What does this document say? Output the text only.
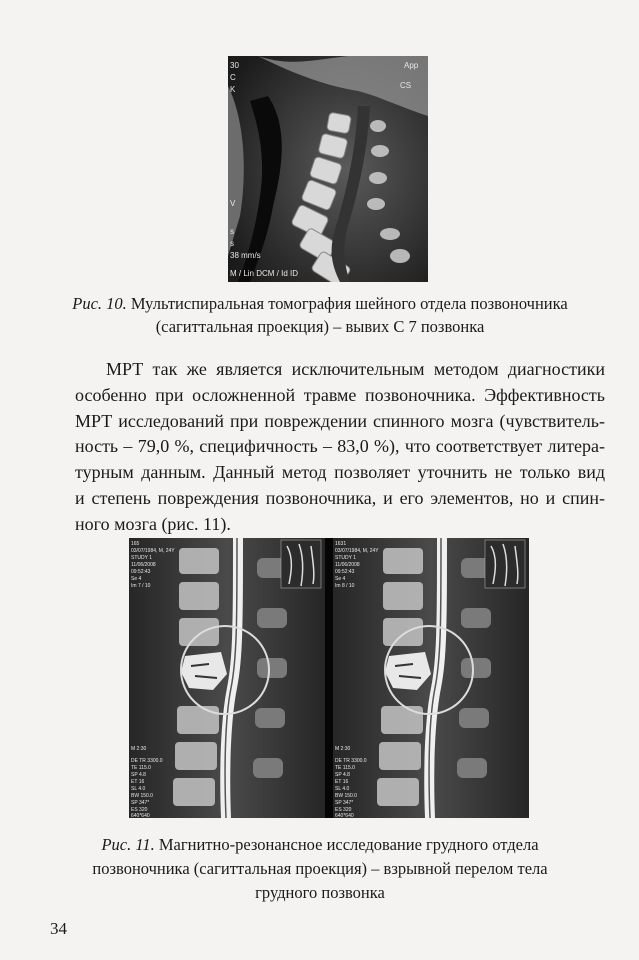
30
С
K
V
s
s
38 mm/s
M / Lin DCM / Id ID
App
CS
Рис. 10. Мультиспиральная томография шейного отдела позвоночника
(сагиттальная проекция) – вывих С 7 позвонка

МРТ так же является исключительным методом диагностики
особенно при осложненной травме позвоночника. Эффективность
МРТ исследований при повреждении спинного мозга (чувствитель-
ность – 79,0 %, специфичность – 83,0 %), что соответствует литера-
турным данным. Данный метод позволяет уточнить не только вид
и степень повреждения позвоночника, и его элементов, но и спин-
ного мозга (рис. 11).

165
03/07/1984, M, 24Y
STUDY 1
11/06/2008
09:52:43
Se 4
Im 7 / 10
M 2:30
DE TR 3300.0
TE 115.0
SP 4.8
ET 16
SL 4.0
BW 150.0
SP 347*
ES 320
640*640
1631
03/07/1984, M, 24Y
STUDY 1
11/06/2008
09:52:43
Se 4
Im 8 / 10
M 2:30
DE TR 3300.0
TE 115.0
SP 4.8
ET 16
SL 4.0
BW 150.0
SP 347*
ES 320
640*640
Рис. 11. Магнитно-резонансное исследование грудного отдела
позвоночника (сагиттальная проекция) – взрывной перелом тела
грудного позвонка
34
